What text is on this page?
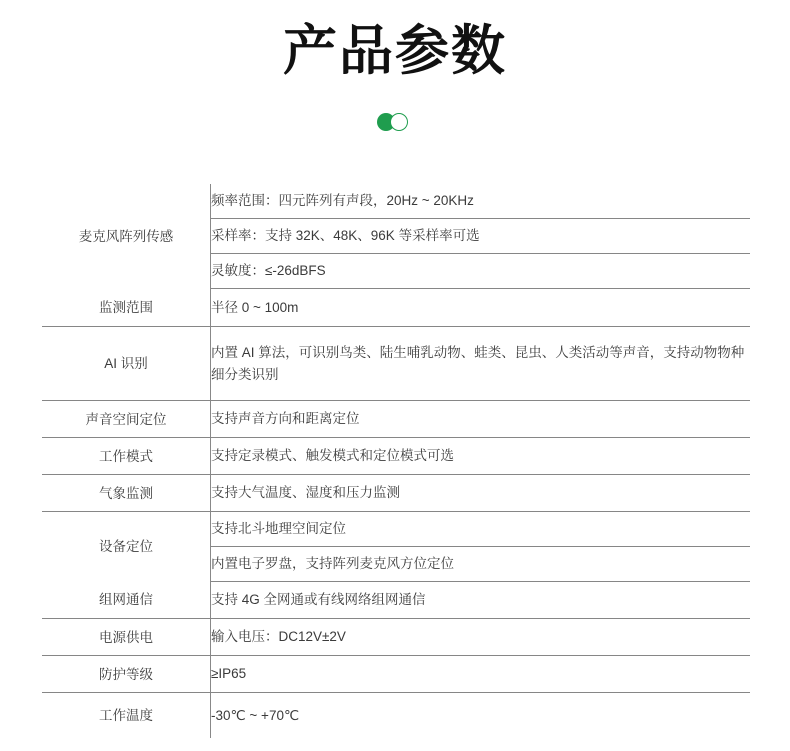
产品参数
麦克风阵列传感	频率范围：四元阵列有声段，20Hz ~ 20KHz
	采样率：支持 32K、48K、96K 等采样率可选
	灵敏度：≤-26dBFS
监测范围	半径 0 ~ 100m
AI 识别	内置 AI 算法，可识别鸟类、陆生哺乳动物、蛙类、昆虫、人类活动等声音，支持动物物种细分类识别
声音空间定位	支持声音方向和距离定位
工作模式	支持定录模式、触发模式和定位模式可选
气象监测	支持大气温度、湿度和压力监测
设备定位	支持北斗地理空间定位
	内置电子罗盘，支持阵列麦克风方位定位
组网通信	支持 4G 全网通或有线网络组网通信
电源供电	输入电压：DC12V±2V
防护等级	≥IP65
工作温度	-30℃ ~ +70℃
